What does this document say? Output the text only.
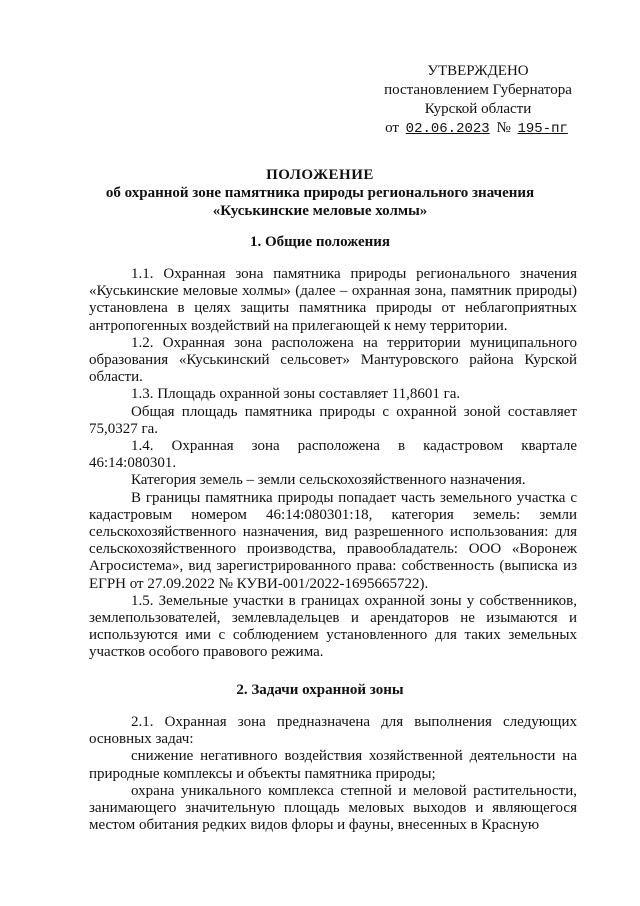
УТВЕРЖДЕНО
постановлением Губернатора
Курской области
от 02.06.2023 № 195-пг
ПОЛОЖЕНИЕ
об охранной зоне памятника природы регионального значения
«Куськинские меловые холмы»
1. Общие положения

1.1. Охранная зона памятника природы регионального значения «Куськинские меловые холмы» (далее – охранная зона, памятник природы) установлена в целях защиты памятника природы от неблагоприятных антропогенных воздействий на прилегающей к нему территории.

1.2. Охранная зона расположена на территории муниципального образования «Куськинский сельсовет» Мантуровского района Курской области.

1.3. Площадь охранной зоны составляет 11,8601 га.

Общая площадь памятника природы с охранной зоной составляет 75,0327 га.

1.4. Охранная зона расположена в кадастровом квартале 46:14:080301.

Категория земель – земли сельскохозяйственного назначения.

В границы памятника природы попадает часть земельного участка с кадастровым номером 46:14:080301:18, категория земель: земли сельскохозяйственного назначения, вид разрешенного использования: для сельскохозяйственного производства, правообладатель: ООО «Воронеж Агросистема», вид зарегистрированного права: собственность (выписка из ЕГРН от 27.09.2022 № КУВИ-001/2022-1695665722).

1.5. Земельные участки в границах охранной зоны у собственников, землепользователей, землевладельцев и арендаторов не изымаются и используются ими с соблюдением установленного для таких земельных участков особого правового режима.

2. Задачи охранной зоны

2.1. Охранная зона предназначена для выполнения следующих основных задач:

снижение негативного воздействия хозяйственной деятельности на природные комплексы и объекты памятника природы;

охрана уникального комплекса степной и меловой растительности, занимающего значительную площадь меловых выходов и являющегося местом обитания редких видов флоры и фауны, внесенных в Красную
